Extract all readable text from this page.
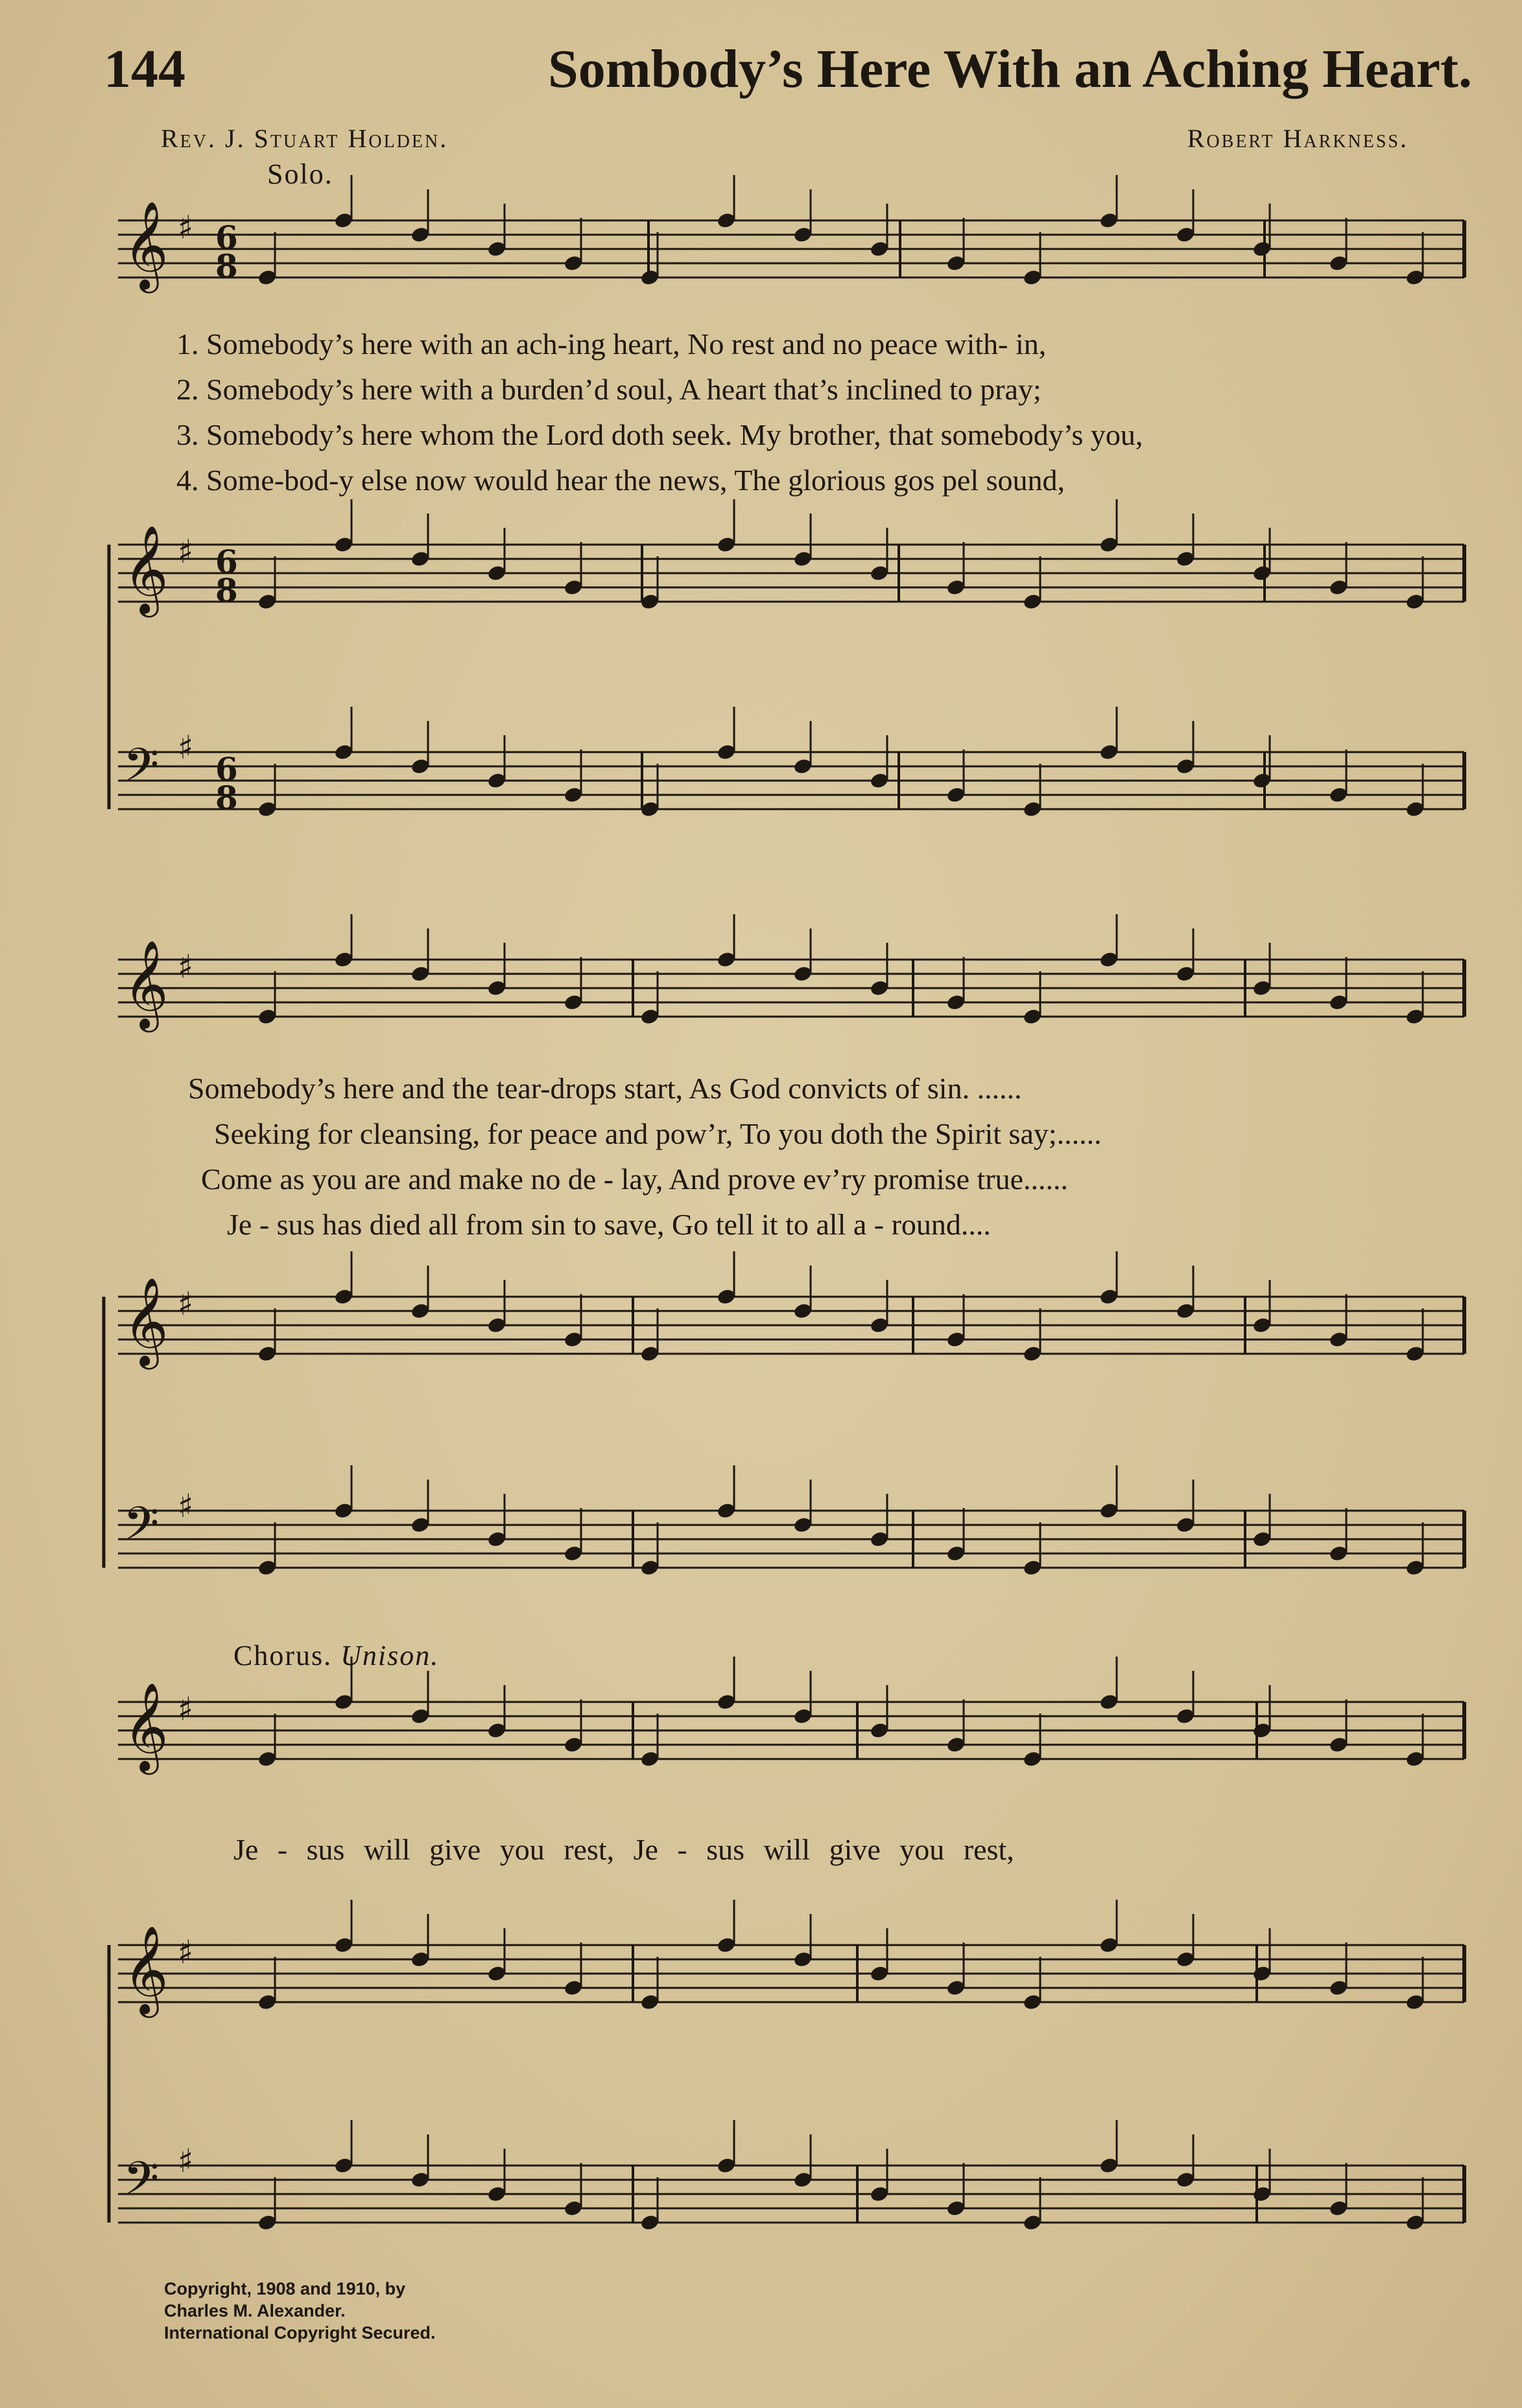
144	Sombody’s Here With an Aching Heart.
Rev. J. Stuart Holden.	Robert Harkness.
Solo.
𝄞 ♯ 6
8
𝄞 ♯ 6
8
𝄢 ♯
6
8
𝄞 ♯
𝄞 ♯
𝄢 ♯
𝄞 ♯
𝄞 ♯
𝄢 ♯
1. Somebody’s here with an ach-ing heart, No rest and no peace with- in,
2. Somebody’s here with a burden’d soul, A heart that’s inclined to pray;
3. Somebody’s here whom the Lord doth seek. My brother, that somebody’s you,
4. Some-bod-y else now would hear the news, The glorious gos pel sound,
Somebody’s here and the tear-drops start, As God convicts of sin. ......
Seeking for cleansing, for peace and pow’r, To you doth the Spirit say;......
Come as you are and make no de - lay, And prove ev’ry promise true......
Je - sus has died all from sin to save, Go tell it to all a - round....
Chorus. Unison.
Je - sus will give you rest, Je - sus will give you rest,
Copyright, 1908 and 1910, by
Charles M. Alexander.
International Copyright Secured.
